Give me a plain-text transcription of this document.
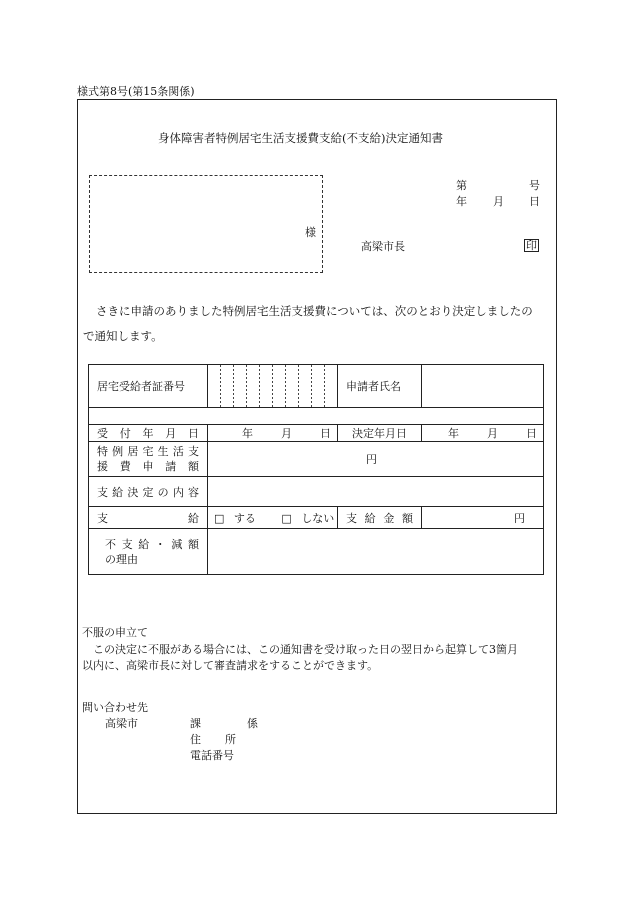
様式第8号(第15条関係)
身体障害者特例居宅生活支援費支給(不支給)決定通知書
様
第	号
年 月 日
高梁市長	印
さきに申請のありました特例居宅生活支援費については、次のとおり決定しましたの
で通知します。
居宅受給者証番号		申請者氏名	

受付年月日	年 月 日	決定年月日	年 月 日

特例居宅生活支
援費申請額	円		
支給決定の内容			
支給	□ する □ しない	支給金額	円

不支給・減額
の理由			

不服の申立て
この決定に不服がある場合には、この通知書を受け取った日の翌日から起算して3箇月
以内に、高梁市長に対して審査請求をすることができます。
問い合わせ先
高梁市	課	係
住 所
電話番号
